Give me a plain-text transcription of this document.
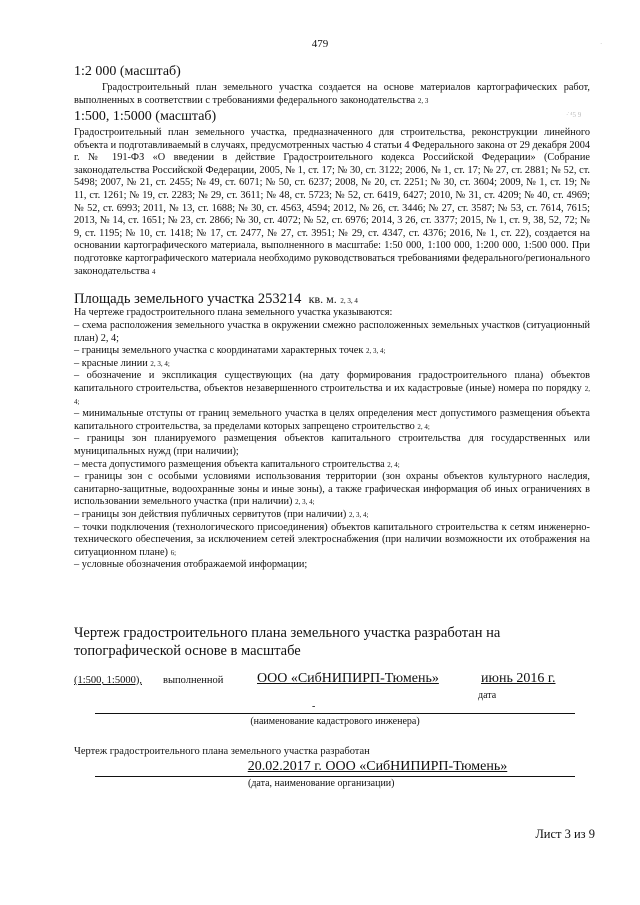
479
1:2 000 (масштаб)
Градостроительный план земельного участка создается на основе материалов картографических работ, выполненных в соответствии с требованиями федерального законодательства 2, 3
1:500, 1:5000 (масштаб)
Градостроительный план земельного участка, предназначенного для строительства, реконструкции линейного объекта и подготавливаемый в случаях, предусмотренных частью 4 статьи 4 Федерального закона от 29 декабря 2004 г. № 191-ФЗ «О введении в действие Градостроительного кодекса Российской Федерации» (Собрание законодательства Российской Федерации, 2005, № 1, ст. 17; № 30, ст. 3122; 2006, № 1, ст. 17; № 27, ст. 2881; № 52, ст. 5498; 2007, № 21, ст. 2455; № 49, ст. 6071; № 50, ст. 6237; 2008, № 20, ст. 2251; № 30, ст. 3604; 2009, № 1, ст. 19; № 11, ст. 1261; № 19, ст. 2283; № 29, ст. 3611; № 48, ст. 5723; № 52, ст. 6419, 6427; 2010, № 31, ст. 4209; № 40, ст. 4969; № 52, ст. 6993; 2011, № 13, ст. 1688; № 30, ст. 4563, 4594; 2012, № 26, ст. 3446; № 27, ст. 3587; № 53, ст. 7614, 7615; 2013, № 14, ст. 1651; № 23, ст. 2866; № 30, ст. 4072; № 52, ст. 6976; 2014, 3 26, ст. 3377; 2015, № 1, ст. 9, 38, 52, 72; № 9, ст. 1195; № 10, ст. 1418; № 17, ст. 2477, № 27, ст. 3951; № 29, ст. 4347, ст. 4376; 2016, № 1, ст. 22), создается на основании картографического материала, выполненного в масштабе: 1:50 000, 1:100 000, 1:200 000, 1:500 000. При подготовке картографического материала необходимо руководствоваться требованиями федерального/регионального законодательства 4
Площадь земельного участка 253214 кв. м. 2, 3, 4
На чертеже градостроительного плана земельного участка указываются:

– схема расположения земельного участка в окружении смежно расположенных земельных участков (ситуационный план) 2, 4;

– границы земельного участка с координатами характерных точек 2, 3, 4;

– красные линии 2, 3, 4;

– обозначение и экспликация существующих (на дату формирования градостроительного плана) объектов капитального строительства, объектов незавершенного строительства и их кадастровые (иные) номера по порядку 2, 4;

– минимальные отступы от границ земельного участка в целях определения мест допустимого размещения объекта капитального строительства, за пределами которых запрещено строительство 2, 4;

– границы зон планируемого размещения объектов капитального строительства для государственных или муниципальных нужд (при наличии);

– места допустимого размещения объекта капитального строительства 2, 4;

– границы зон с особыми условиями использования территории (зон охраны объектов культурного наследия, санитарно-защитные, водоохранные зоны и иные зоны), а также графическая информация об иных ограничениях в использовании земельного участка (при наличии) 2, 3, 4;

– границы зон действия публичных сервитутов (при наличии) 2, 3, 4;

– точки подключения (технологического присоединения) объектов капитального строительства к сетям инженерно-технического обеспечения, за исключением сетей электроснабжения (при наличии возможности их отображения на ситуационном плане) 6;

– условные обозначения отображаемой информации;

Чертеж градостроительного плана земельного участка разработан на
топографической основе в масштабе
(1:500, 1:5000), выполненной ООО «СибНИПИРП-Тюмень»	июнь 2016 г.
дата
-
(наименование кадастрового инженера)
Чертеж градостроительного плана земельного участка разработан
20.02.2017 г. ООО «СибНИПИРП-Тюмень»
(дата, наименование организации)
Лист 3 из 9
·̇ ⁴5 9
·
